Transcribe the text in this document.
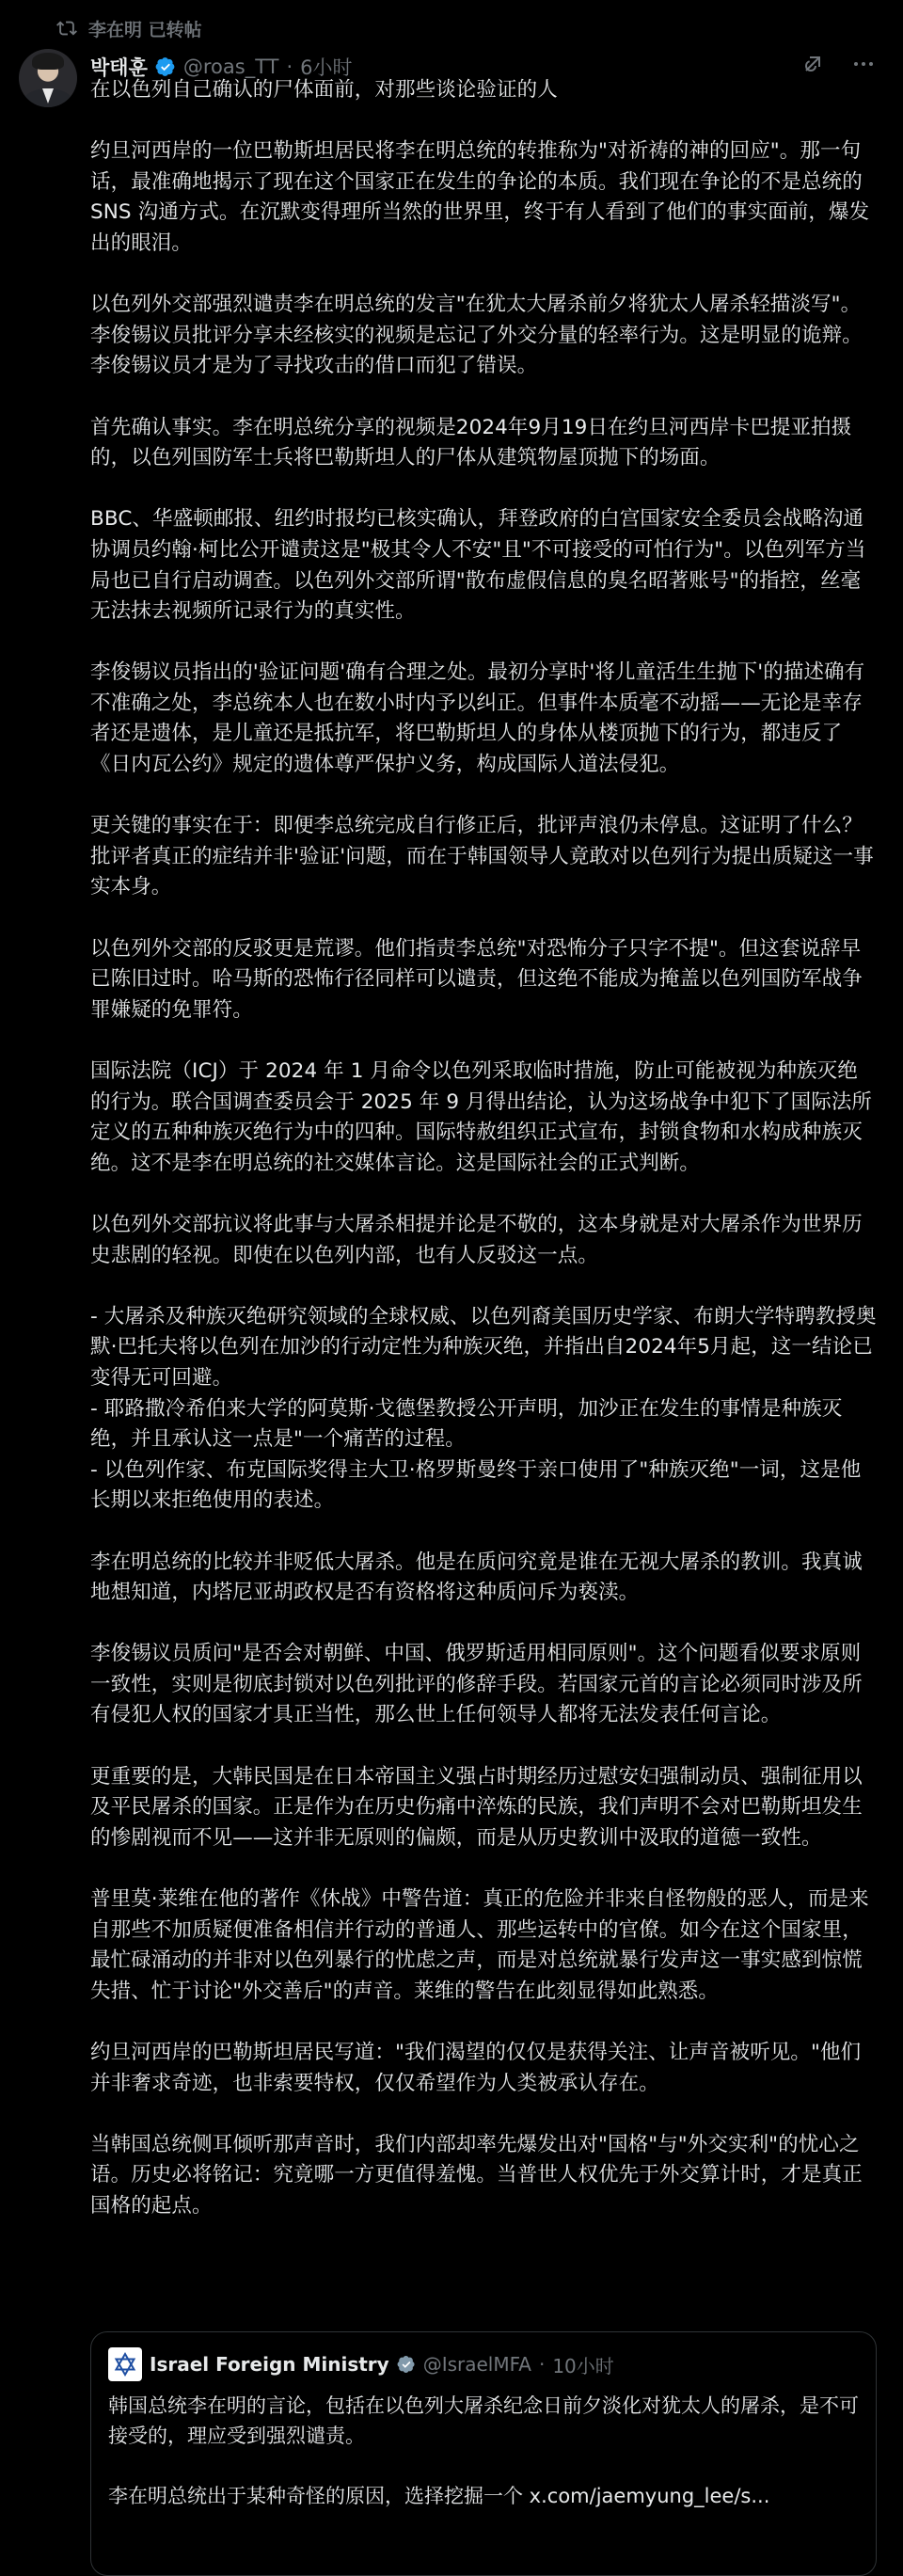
李在明 已转帖
박태훈 @roas_TT · 6小时

在以色列自己确认的尸体面前，对那些谈论验证的人

约旦河西岸的一位巴勒斯坦居民将李在明总统的转推称为"对祈祷的神的回应"。那一句话，最准确地揭示了现在这个国家正在发生的争论的本质。我们现在争论的不是总统的 SNS 沟通方式。在沉默变得理所当然的世界里，终于有人看到了他们的事实面前，爆发出的眼泪。

以色列外交部强烈谴责李在明总统的发言"在犹太大屠杀前夕将犹太人屠杀轻描淡写"。李俊锡议员批评分享未经核实的视频是忘记了外交分量的轻率行为。这是明显的诡辩。李俊锡议员才是为了寻找攻击的借口而犯了错误。

首先确认事实。李在明总统分享的视频是2024年9月19日在约旦河西岸卡巴提亚拍摄的，以色列国防军士兵将巴勒斯坦人的尸体从建筑物屋顶抛下的场面。

BBC、华盛顿邮报、纽约时报均已核实确认，拜登政府的白宫国家安全委员会战略沟通协调员约翰·柯比公开谴责这是"极其令人不安"且"不可接受的可怕行为"。以色列军方当局也已自行启动调查。以色列外交部所谓"散布虚假信息的臭名昭著账号"的指控，丝毫无法抹去视频所记录行为的真实性。

李俊锡议员指出的'验证问题'确有合理之处。最初分享时'将儿童活生生抛下'的描述确有不准确之处，李总统本人也在数小时内予以纠正。但事件本质毫不动摇——无论是幸存者还是遗体，是儿童还是抵抗军，将巴勒斯坦人的身体从楼顶抛下的行为，都违反了《日内瓦公约》规定的遗体尊严保护义务，构成国际人道法侵犯。

更关键的事实在于：即便李总统完成自行修正后，批评声浪仍未停息。这证明了什么？批评者真正的症结并非'验证'问题，而在于韩国领导人竟敢对以色列行为提出质疑这一事实本身。

以色列外交部的反驳更是荒谬。他们指责李总统"对恐怖分子只字不提"。但这套说辞早已陈旧过时。哈马斯的恐怖行径同样可以谴责，但这绝不能成为掩盖以色列国防军战争罪嫌疑的免罪符。

国际法院（ICJ）于 2024 年 1 月命令以色列采取临时措施，防止可能被视为种族灭绝的行为。联合国调查委员会于 2025 年 9 月得出结论，认为这场战争中犯下了国际法所定义的五种种族灭绝行为中的四种。国际特赦组织正式宣布，封锁食物和水构成种族灭绝。这不是李在明总统的社交媒体言论。这是国际社会的正式判断。

以色列外交部抗议将此事与大屠杀相提并论是不敬的，这本身就是对大屠杀作为世界历史悲剧的轻视。即使在以色列内部，也有人反驳这一点。

- 大屠杀及种族灭绝研究领域的全球权威、以色列裔美国历史学家、布朗大学特聘教授奥默·巴托夫将以色列在加沙的行动定性为种族灭绝，并指出自2024年5月起，这一结论已变得无可回避。
- 耶路撒冷希伯来大学的阿莫斯·戈德堡教授公开声明，加沙正在发生的事情是种族灭绝，并且承认这一点是"一个痛苦的过程。
- 以色列作家、布克国际奖得主大卫·格罗斯曼终于亲口使用了"种族灭绝"一词，这是他长期以来拒绝使用的表述。

李在明总统的比较并非贬低大屠杀。他是在质问究竟是谁在无视大屠杀的教训。我真诚地想知道，内塔尼亚胡政权是否有资格将这种质问斥为亵渎。

李俊锡议员质问"是否会对朝鲜、中国、俄罗斯适用相同原则"。这个问题看似要求原则一致性，实则是彻底封锁对以色列批评的修辞手段。若国家元首的言论必须同时涉及所有侵犯人权的国家才具正当性，那么世上任何领导人都将无法发表任何言论。

更重要的是，大韩民国是在日本帝国主义强占时期经历过慰安妇强制动员、强制征用以及平民屠杀的国家。正是作为在历史伤痛中淬炼的民族，我们声明不会对巴勒斯坦发生的惨剧视而不见——这并非无原则的偏颇，而是从历史教训中汲取的道德一致性。

普里莫·莱维在他的著作《休战》中警告道：真正的危险并非来自怪物般的恶人，而是来自那些不加质疑便准备相信并行动的普通人、那些运转中的官僚。如今在这个国家里，最忙碌涌动的并非对以色列暴行的忧虑之声，而是对总统就暴行发声这一事实感到惊慌失措、忙于讨论"外交善后"的声音。莱维的警告在此刻显得如此熟悉。

约旦河西岸的巴勒斯坦居民写道："我们渴望的仅仅是获得关注、让声音被听见。"他们并非奢求奇迹，也非索要特权，仅仅希望作为人类被承认存在。

当韩国总统侧耳倾听那声音时，我们内部却率先爆发出对"国格"与"外交实利"的忧心之语。历史必将铭记：究竟哪一方更值得羞愧。当普世人权优先于外交算计时，才是真正国格的起点。

Israel Foreign Ministry @IsraelMFA · 10小时

韩国总统李在明的言论，包括在以色列大屠杀纪念日前夕淡化对犹太人的屠杀，是不可接受的，理应受到强烈谴责。

李在明总统出于某种奇怪的原因，选择挖掘一个 x.com/jaemyung_lee/s...
